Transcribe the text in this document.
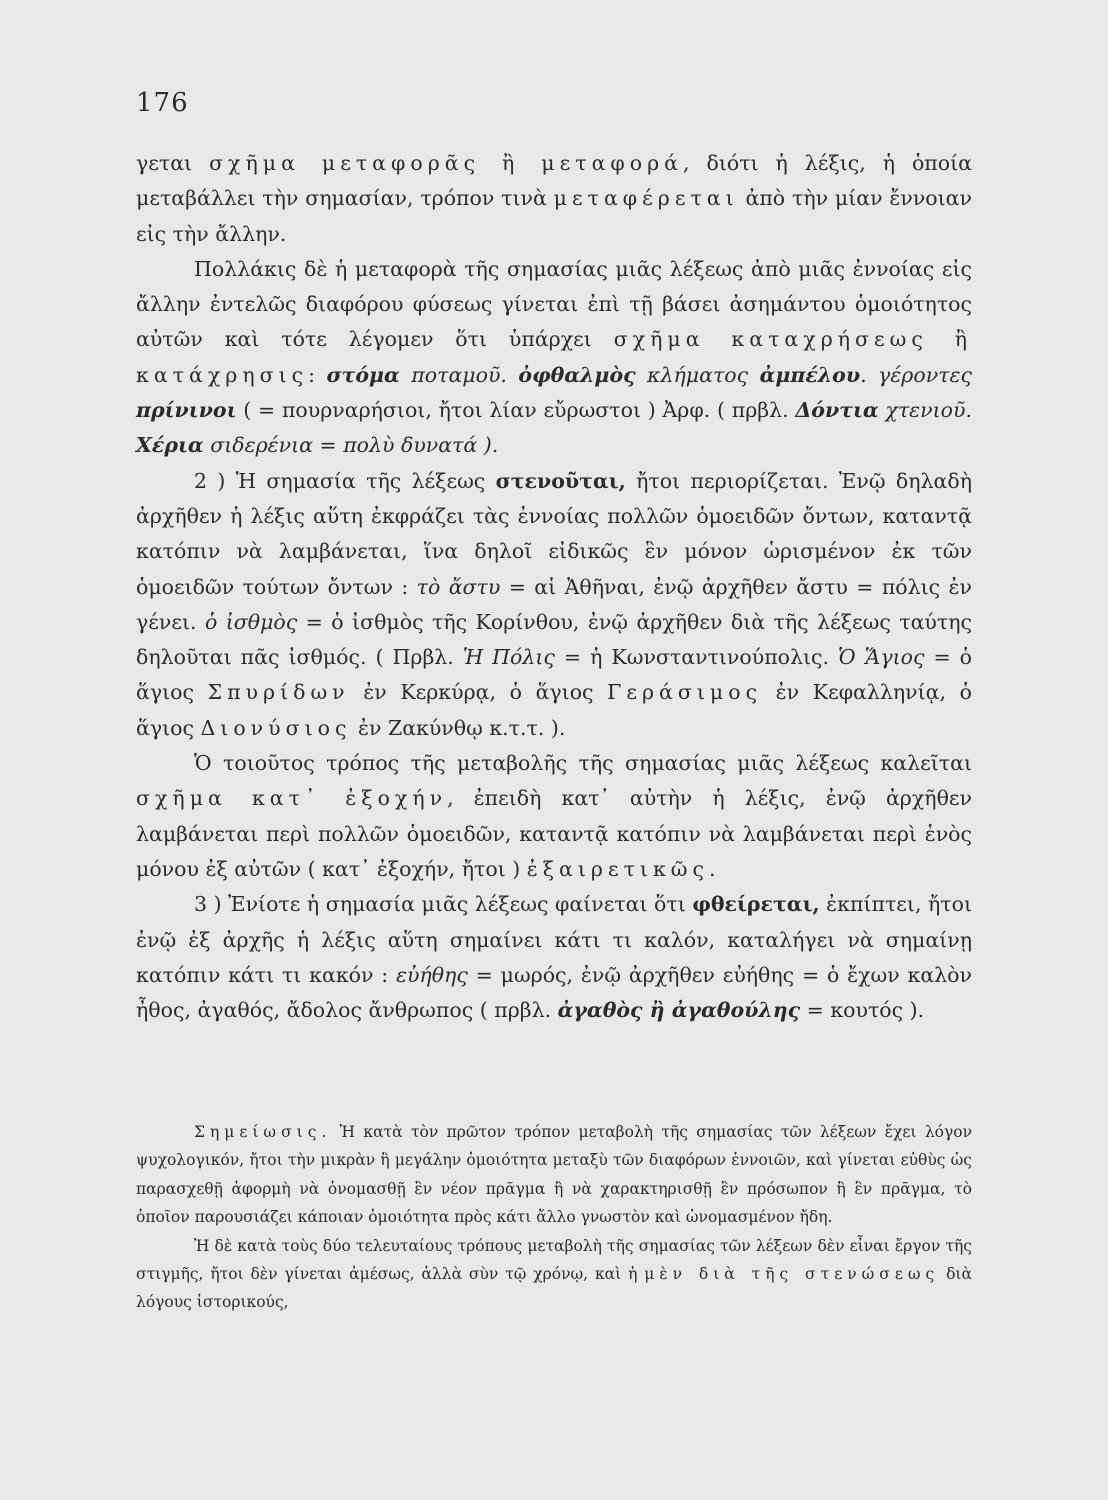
176

γεται σχῆμα μεταφορᾶς ἢ μεταφορά, διότι ἡ λέξις, ἡ ὁποία μεταβάλλει τὴν σημασίαν, τρόπον τινὰ μεταφέρεται ἀπὸ τὴν μίαν ἔννοιαν εἰς τὴν ἄλλην.

Πολλάκις δὲ ἡ μεταφορὰ τῆς σημασίας μιᾶς λέξεως ἀπὸ μιᾶς ἐννοίας εἰς ἄλλην ἐντελῶς διαφόρου φύσεως γίνεται ἐπὶ τῇ βάσει ἀσημάντου ὁμοιότητος αὐτῶν καὶ τότε λέγομεν ὅτι ὑπάρχει σχῆμα καταχρήσεως ἢ κατάχρησις: στόμα ποταμοῦ. ὀφθαλμὸς κλήματος ἀμπέλου. γέροντες πρίνινοι ( = πουρναρήσιοι, ἤτοι λίαν εὔρωστοι ) Ἀρφ. ( πρβλ. Δόντια χτενιοῦ. Χέρια σιδερένια = πολὺ δυνατά ).

2 ) Ἡ σημασία τῆς λέξεως στενοῦται, ἤτοι περιορίζεται. Ἐνῷ δηλαδὴ ἀρχῆθεν ἡ λέξις αὕτη ἐκφράζει τὰς ἐννοίας πολλῶν ὁμοειδῶν ὄντων, καταντᾷ κατόπιν νὰ λαμβάνεται, ἵνα δηλοῖ εἰδικῶς ἓν μόνον ὡρισμένον ἐκ τῶν ὁμοειδῶν τούτων ὄντων : τὸ ἄστυ = αἱ Ἀθῆναι, ἐνῷ ἀρχῆθεν ἄστυ = πόλις ἐν γένει. ὁ ἰσθμὸς = ὁ ἰσθμὸς τῆς Κορίνθου, ἐνῷ ἀρχῆθεν διὰ τῆς λέξεως ταύτης δηλοῦται πᾶς ἰσθμός. ( Πρβλ. Ἡ Πόλις = ἡ Κωνσταντινούπολις. Ὁ Ἅγιος = ὁ ἅγιος Σπυρίδων ἐν Κερκύρᾳ, ὁ ἅγιος Γεράσιμος ἐν Κεφαλληνίᾳ, ὁ ἅγιος Διονύσιος ἐν Ζακύνθῳ κ.τ.τ. ).

Ὁ τοιοῦτος τρόπος τῆς μεταβολῆς τῆς σημασίας μιᾶς λέξεως καλεῖται σχῆμα κατ᾽ ἐξοχήν, ἐπειδὴ κατ᾽ αὐτὴν ἡ λέξις, ἐνῷ ἀρχῆθεν λαμβάνεται περὶ πολλῶν ὁμοειδῶν, καταντᾷ κατόπιν νὰ λαμβάνεται περὶ ἑνὸς μόνου ἐξ αὐτῶν ( κατ᾽ ἐξοχήν, ἤτοι ) ἐξαιρετικῶς.

3 ) Ἐνίοτε ἡ σημασία μιᾶς λέξεως φαίνεται ὅτι φθείρεται, ἐκπίπτει, ἤτοι ἐνῷ ἐξ ἀρχῆς ἡ λέξις αὕτη σημαίνει κάτι τι καλόν, καταλήγει νὰ σημαίνῃ κατόπιν κάτι τι κακόν : εὐήθης = μωρός, ἐνῷ ἀρχῆθεν εὐήθης = ὁ ἔχων καλὸν ἦθος, ἀγαθός, ἄδολος ἄνθρωπος ( πρβλ. ἀγαθὸς ἢ ἀγαθούλης = κουτός ).

Σημείωσις. Ἡ κατὰ τὸν πρῶτον τρόπον μεταβολὴ τῆς σημασίας τῶν λέξεων ἔχει λόγον ψυχολογικόν, ἤτοι τὴν μικρὰν ἢ μεγάλην ὁμοιότητα μεταξὺ τῶν διαφόρων ἐννοιῶν, καὶ γίνεται εὐθὺς ὡς παρασχεθῇ ἀφορμὴ νὰ ὀνομασθῇ ἓν νέον πρᾶγμα ἢ νὰ χαρακτηρισθῇ ἓν πρόσωπον ἢ ἓν πρᾶγμα, τὸ ὁποῖον παρουσιάζει κάποιαν ὁμοιότητα πρὸς κάτι ἄλλο γνωστὸν καὶ ὠνομασμένον ἤδη.

Ἡ δὲ κατὰ τοὺς δύο τελευταίους τρόπους μεταβολὴ τῆς σημασίας τῶν λέξεων δὲν εἶναι ἔργον τῆς στιγμῆς, ἤτοι δὲν γίνεται ἀμέσως, ἀλλὰ σὺν τῷ χρόνῳ, καὶ ἡ μὲν διὰ τῆς στενώσεως διὰ λόγους ἱστορικούς,
